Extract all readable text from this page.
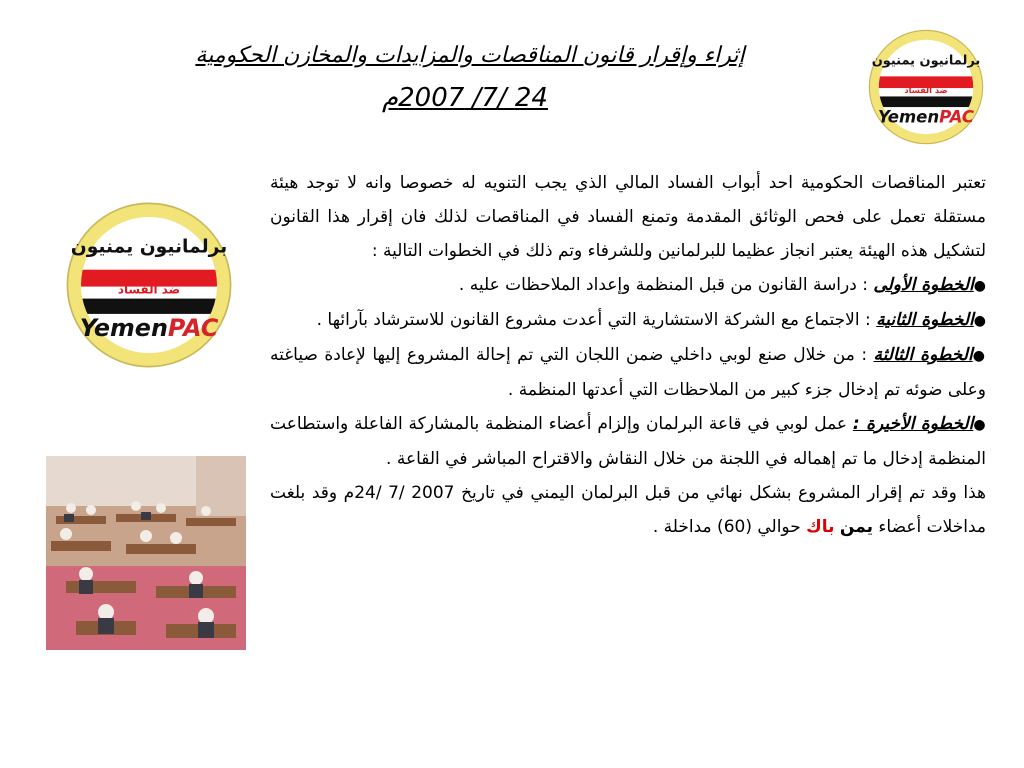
إثراء وإقرار قانون المناقصات والمزايدات والمخازن الحكومية
24 /7/ 2007م
برلمانيون يمنيون
ضد الفساد
YemenPAC
برلمانيون يمنيون
ضد الفساد
YemenPAC

تعتبر المناقصات الحكومية احد أبواب الفساد المالي الذي يجب التنويه له خصوصا وانه لا توجد هيئة مستقلة تعمل على فحص الوثائق المقدمة وتمنع الفساد في المناقصات لذلك فان إقرار هذا القانون لتشكيل هذه الهيئة يعتبر انجاز عظيما للبرلمانين وللشرفاء وتم ذلك في الخطوات التالية :

●الخطوة الأولى : دراسة القانون من قبل المنظمة وإعداد الملاحظات عليه .

●الخطوة الثانية : الاجتماع مع الشركة الاستشارية التي أعدت مشروع القانون للاسترشاد بآرائها .

●الخطوة الثالثة : من خلال صنع لوبي داخلي ضمن اللجان التي تم إحالة المشروع إليها لإعادة صياغته وعلى ضوئه تم إدخال جزء كبير من الملاحظات التي أعدتها المنظمة .

●الخطوة الأخيرة : عمل لوبي في قاعة البرلمان وإلزام أعضاء المنظمة بالمشاركة الفاعلة واستطاعت المنظمة إدخال ما تم إهماله في اللجنة من خلال النقاش والاقتراح المباشر في القاعة .

هذا وقد تم إقرار المشروع بشكل نهائي من قبل البرلمان اليمني في تاريخ 24/ 7/ 2007م وقد بلغت مداخلات أعضاء يمن باك حوالي (60) مداخلة .
